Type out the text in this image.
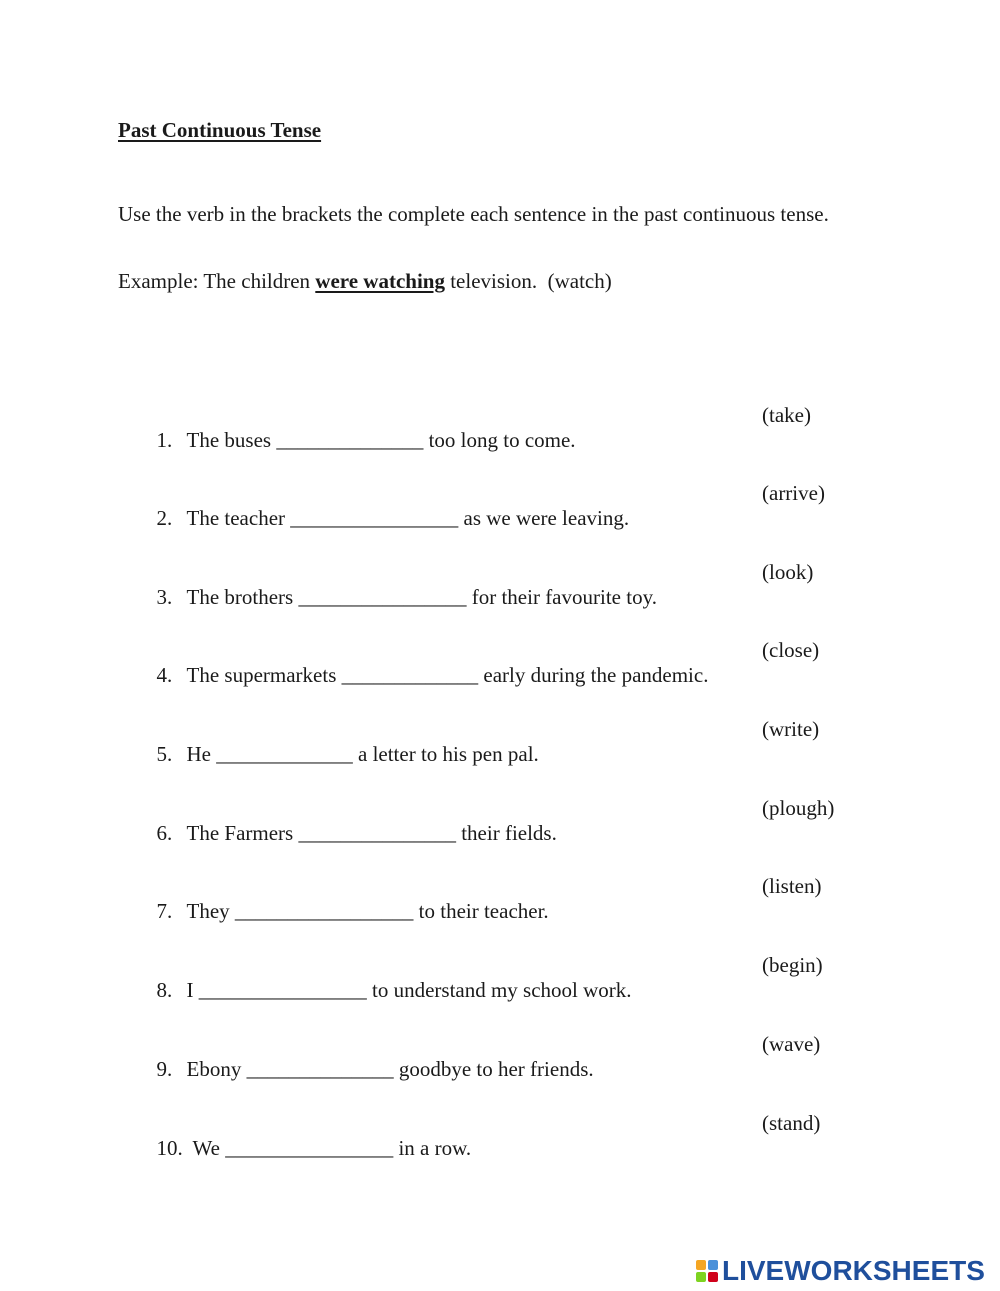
Past Continuous Tense
Use the verb in the brackets the complete each sentence in the past continuous tense.
Example: The children were watching television.  (watch)

1. The buses ______________ too long to come.

(take)

2. The teacher ________________ as we were leaving.

(arrive)

3. The brothers ________________ for their favourite toy.

(look)

4. The supermarkets _____________ early during the pandemic.

(close)

5. He _____________ a letter to his pen pal.

(write)

6. The Farmers _______________ their fields.

(plough)

7. They _________________ to their teacher.

(listen)

8. I ________________ to understand my school work.

(begin)

9. Ebony ______________ goodbye to her friends.

(wave)

10. We ________________ in a row.

(stand)

LIVEWORKSHEETS
